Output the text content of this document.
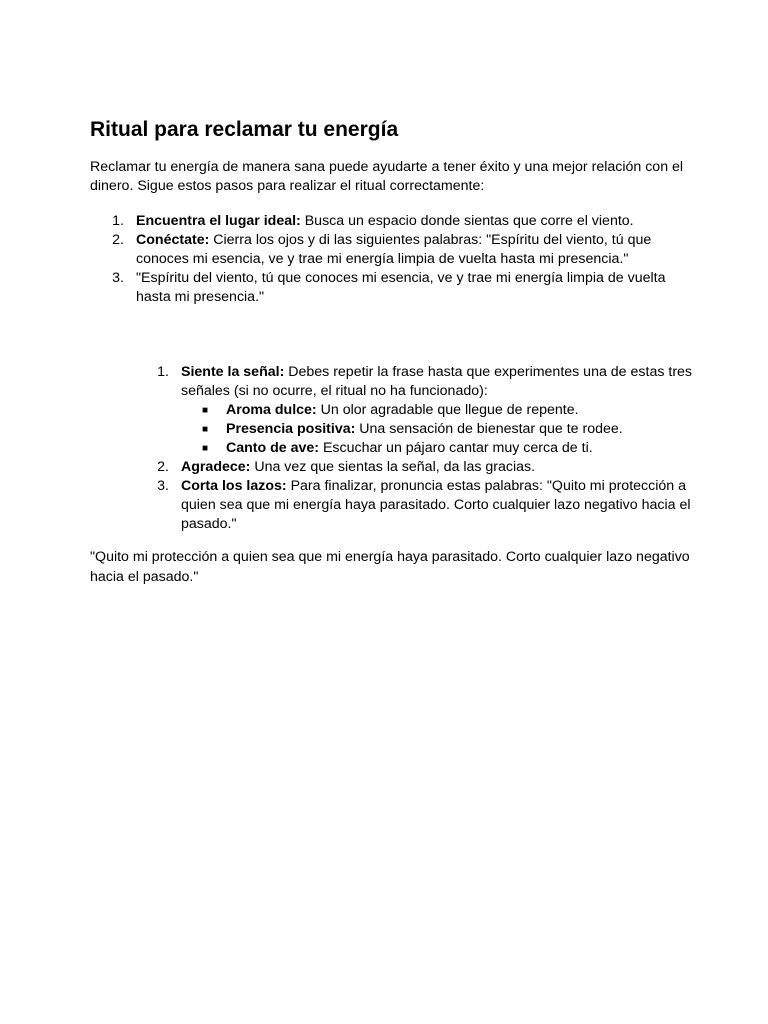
Ritual para reclamar tu energía

Reclamar tu energía de manera sana puede ayudarte a tener éxito y una mejor relación con el dinero. Sigue estos pasos para realizar el ritual correctamente:

1. Encuentra el lugar ideal: Busca un espacio donde sientas que corre el viento.
2. Conéctate: Cierra los ojos y di las siguientes palabras: "Espíritu del viento, tú que conoces mi esencia, ve y trae mi energía limpia de vuelta hasta mi presencia."
3. "Espíritu del viento, tú que conoces mi esencia, ve y trae mi energía limpia de vuelta hasta mi presencia."
1. Siente la señal: Debes repetir la frase hasta que experimentes una de estas tres señales (si no ocurre, el ritual no ha funcionado):
■ Aroma dulce: Un olor agradable que llegue de repente.
■ Presencia positiva: Una sensación de bienestar que te rodee.
■ Canto de ave: Escuchar un pájaro cantar muy cerca de ti.
2. Agradece: Una vez que sientas la señal, da las gracias.
3. Corta los lazos: Para finalizar, pronuncia estas palabras: "Quito mi protección a quien sea que mi energía haya parasitado. Corto cualquier lazo negativo hacia el pasado."

"Quito mi protección a quien sea que mi energía haya parasitado. Corto cualquier lazo negativo hacia el pasado."
